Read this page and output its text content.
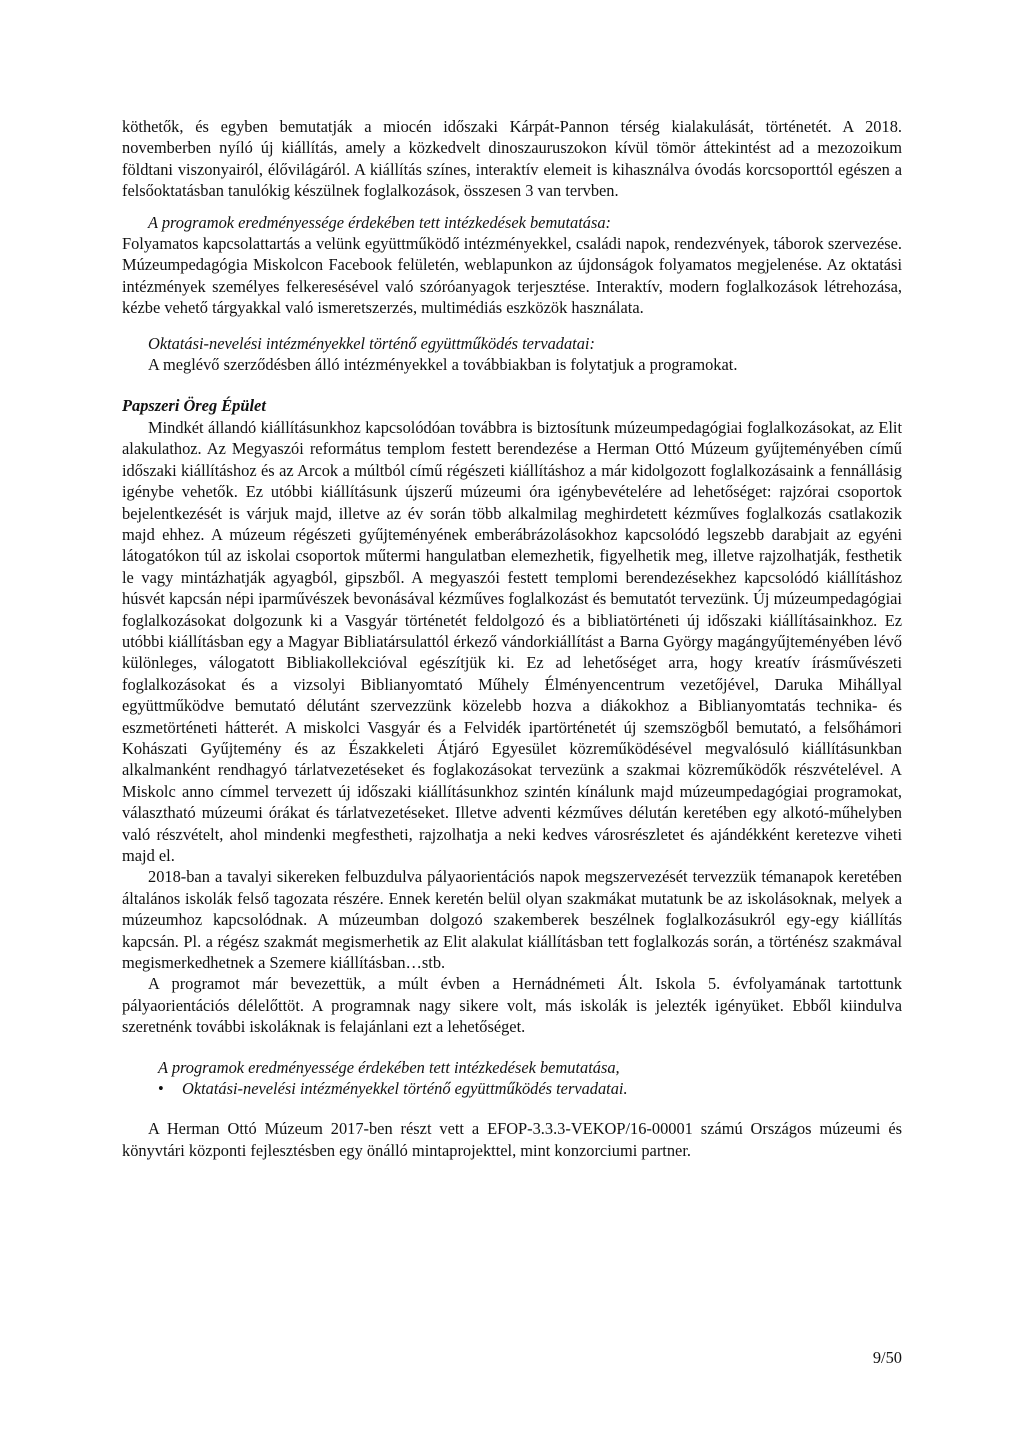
köthetők, és egyben bemutatják a miocén időszaki Kárpát-Pannon térség kialakulását, történetét. A 2018. novemberben nyíló új kiállítás, amely a közkedvelt dinoszauruszokon kívül tömör áttekintést ad a mezozoikum földtani viszonyairól, élővilágáról. A kiállítás színes, interaktív elemeit is kihasználva óvodás korcsoporttól egészen a felsőoktatásban tanulókig készülnek foglalkozások, összesen 3 van tervben.

A programok eredményessége érdekében tett intézkedések bemutatása:

Folyamatos kapcsolattartás a velünk együttműködő intézményekkel, családi napok, rendezvények, táborok szervezése. Múzeumpedagógia Miskolcon Facebook felületén, weblapunkon az újdonságok folyamatos megjelenése. Az oktatási intézmények személyes felkeresésével való szóróanyagok terjesztése. Interaktív, modern foglalkozások létrehozása, kézbe vehető tárgyakkal való ismeretszerzés, multimédiás eszközök használata.

Oktatási-nevelési intézményekkel történő együttműködés tervadatai:

A meglévő szerződésben álló intézményekkel a továbbiakban is folytatjuk a programokat.

Papszeri Öreg Épület

Mindkét állandó kiállításunkhoz kapcsolódóan továbbra is biztosítunk múzeumpedagógiai foglalkozásokat, az Elit alakulathoz. Az Megyaszói református templom festett berendezése a Herman Ottó Múzeum gyűjteményében című időszaki kiállításhoz és az Arcok a múltból című régészeti kiállításhoz a már kidolgozott foglalkozásaink a fennállásig igénybe vehetők. Ez utóbbi kiállításunk újszerű múzeumi óra igénybevételére ad lehetőséget: rajzórai csoportok bejelentkezését is várjuk majd, illetve az év során több alkalmilag meghirdetett kézműves foglalkozás csatlakozik majd ehhez. A múzeum régészeti gyűjteményének emberábrázolásokhoz kapcsolódó legszebb darabjait az egyéni látogatókon túl az iskolai csoportok műtermi hangulatban elemezhetik, figyelhetik meg, illetve rajzolhatják, festhetik le vagy mintázhatják agyagból, gipszből. A megyaszói festett templomi berendezésekhez kapcsolódó kiállításhoz húsvét kapcsán népi iparművészek bevonásával kézműves foglalkozást és bemutatót tervezünk. Új múzeumpedagógiai foglalkozásokat dolgozunk ki a Vasgyár történetét feldolgozó és a bibliatörténeti új időszaki kiállításainkhoz. Ez utóbbi kiállításban egy a Magyar Bibliatársulattól érkező vándorkiállítást a Barna György magángyűjteményében lévő különleges, válogatott Bibliakollekcióval egészítjük ki. Ez ad lehetőséget arra, hogy kreatív írásművészeti foglalkozásokat és a vizsolyi Biblianyomtató Műhely Élményencentrum vezetőjével, Daruka Mihállyal együttműködve bemutató délutánt szervezzünk közelebb hozva a diákokhoz a Biblianyomtatás technika- és eszmetörténeti hátterét. A miskolci Vasgyár és a Felvidék ipartörténetét új szemszögből bemutató, a felsőhámori Kohászati Gyűjtemény és az Északkeleti Átjáró Egyesület közreműködésével megvalósuló kiállításunkban alkalmanként rendhagyó tárlatvezetéseket és foglakozásokat tervezünk a szakmai közreműködők részvételével. A Miskolc anno címmel tervezett új időszaki kiállításunkhoz szintén kínálunk majd múzeumpedagógiai programokat, választható múzeumi órákat és tárlatvezetéseket. Illetve adventi kézműves délután keretében egy alkotó-műhelyben való részvételt, ahol mindenki megfestheti, rajzolhatja a neki kedves városrészletet és ajándékként keretezve viheti majd el.

2018-ban a tavalyi sikereken felbuzdulva pályaorientációs napok megszervezését tervezzük témanapok keretében általános iskolák felső tagozata részére. Ennek keretén belül olyan szakmákat mutatunk be az iskolásoknak, melyek a múzeumhoz kapcsolódnak. A múzeumban dolgozó szakemberek beszélnek foglalkozásukról egy-egy kiállítás kapcsán. Pl. a régész szakmát megismerhetik az Elit alakulat kiállításban tett foglalkozás során, a történész szakmával megismerkedhetnek a Szemere kiállításban…stb.

A programot már bevezettük, a múlt évben a Hernádnémeti Ált. Iskola 5. évfolyamának tartottunk pályaorientációs délelőttöt. A programnak nagy sikere volt, más iskolák is jelezték igényüket. Ebből kiindulva szeretnénk további iskoláknak is felajánlani ezt a lehetőséget.

A programok eredményessége érdekében tett intézkedések bemutatása,
•	Oktatási-nevelési intézményekkel történő együttműködés tervadatai.

A Herman Ottó Múzeum 2017-ben részt vett a EFOP-3.3.3-VEKOP/16-00001 számú Országos múzeumi és könyvtári központi fejlesztésben egy önálló mintaprojekttel, mint konzorciumi partner.

9/50
